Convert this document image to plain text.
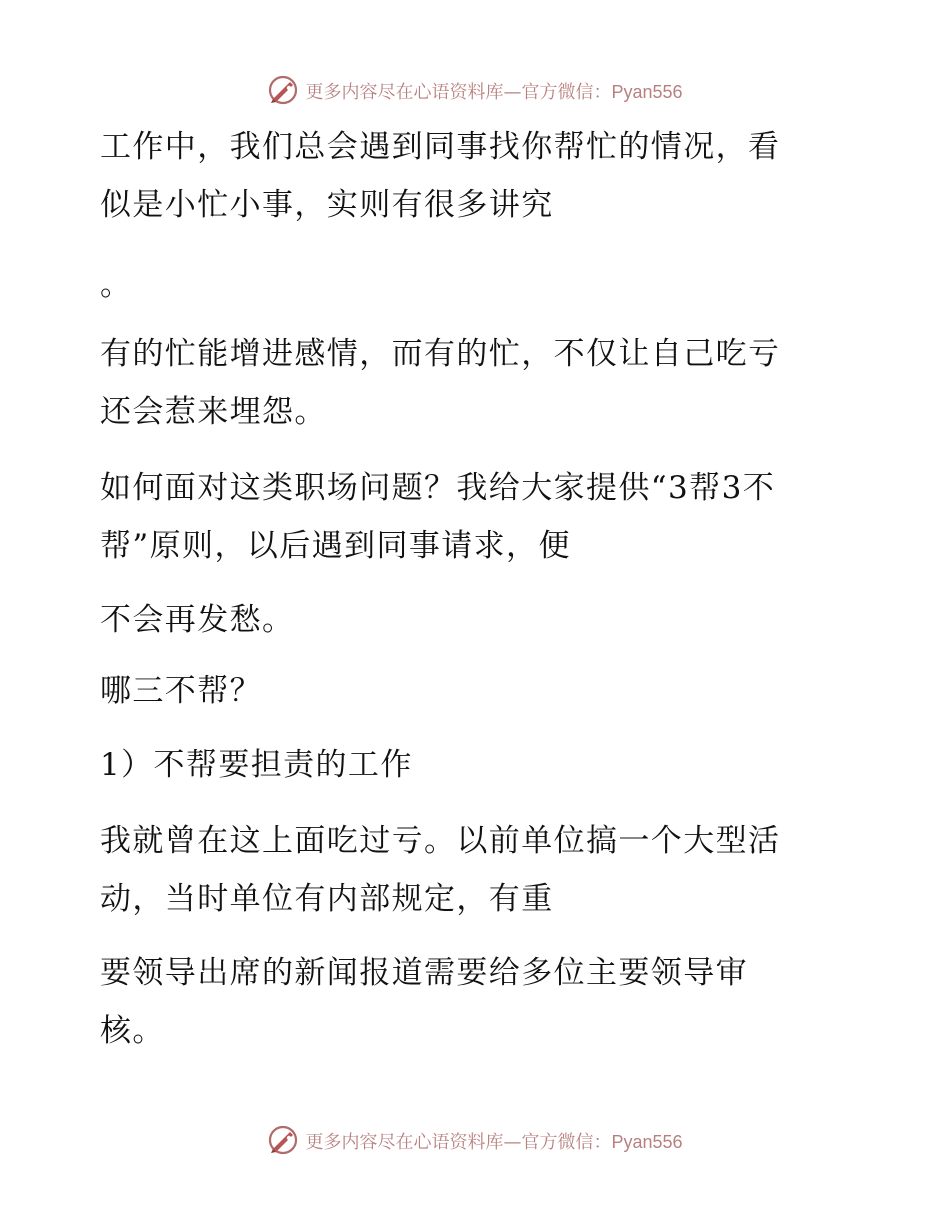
更多内容尽在心语资料库—官方微信：Pyan556

工作中，我们总会遇到同事找你帮忙的情况，看
似是小忙小事，实则有很多讲究

。

有的忙能增进感情，而有的忙，不仅让自己吃亏
还会惹来埋怨。

如何面对这类职场问题？我给大家提供“3帮3不
帮”原则，以后遇到同事请求，便

不会再发愁。

哪三不帮？

1）不帮要担责的工作

我就曾在这上面吃过亏。以前单位搞一个大型活
动，当时单位有内部规定，有重

要领导出席的新闻报道需要给多位主要领导审
核。

更多内容尽在心语资料库—官方微信：Pyan556
